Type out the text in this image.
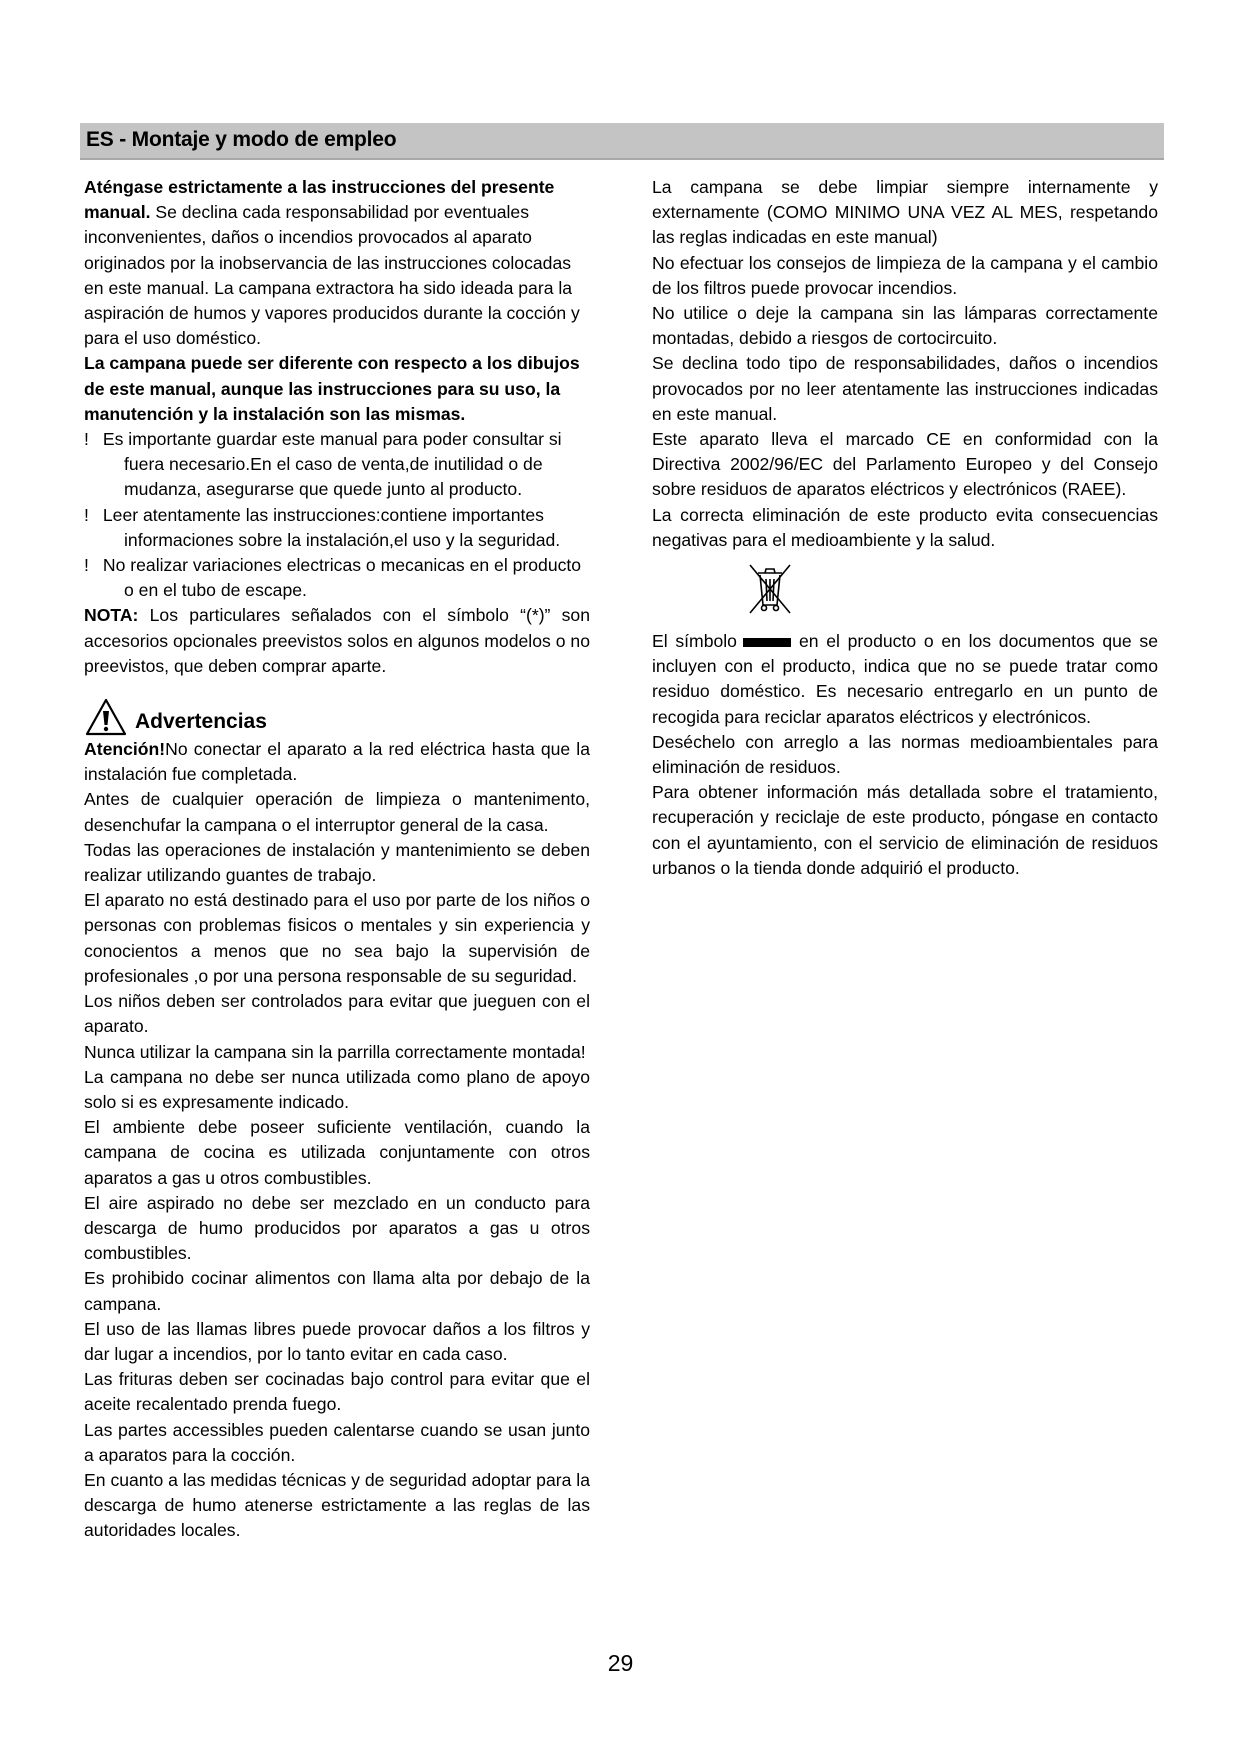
ES - Montaje y modo de empleo

Aténgase estrictamente a las instrucciones del presente manual. Se declina cada responsabilidad por eventuales inconvenientes, daños o incendios provocados al aparato originados por la inobservancia de las instrucciones colocadas en este manual. La campana extractora ha sido ideada para la aspiración de humos y vapores producidos durante la cocción y para el uso doméstico.

La campana puede ser diferente con respecto a los dibujos de este manual, aunque las instrucciones para su uso, la manutención y la instalación son las mismas.

! Es importante guardar este manual para poder consultar si fuera necesario.En el caso de venta,de inutilidad o de mudanza, asegurarse que quede junto al producto.

! Leer atentamente las instrucciones:contiene importantes informaciones sobre la instalación,el uso y la seguridad.

! No realizar variaciones electricas o mecanicas en el producto o en el tubo de escape.

NOTA: Los particulares señalados con el símbolo “(*)” son accesorios opcionales preevistos solos en algunos modelos o no preevistos, que deben comprar aparte.

Advertencias

Atención!No conectar el aparato a la red eléctrica hasta que la instalación fue completada.

Antes de cualquier operación de limpieza o mantenimento, desenchufar la campana o el interruptor general de la casa.

Todas las operaciones de instalación y mantenimiento se deben realizar utilizando guantes de trabajo.

El aparato no está destinado para el uso por parte de los niños o personas con problemas fisicos o mentales y sin experiencia y conocientos a menos que no sea bajo la supervisión de profesionales ,o por una persona responsable de su seguridad.

Los niños deben ser controlados para evitar que jueguen con el aparato.

Nunca utilizar la campana sin la parrilla correctamente montada!

La campana no debe ser nunca utilizada como plano de apoyo solo si es expresamente indicado.

El ambiente debe poseer suficiente ventilación, cuando la campana de cocina es utilizada conjuntamente con otros aparatos a gas u otros combustibles.

El aire aspirado no debe ser mezclado en un conducto para descarga de humo producidos por aparatos a gas u otros combustibles.

Es prohibido cocinar alimentos con llama alta por debajo de la campana.

El uso de las llamas libres puede provocar daños a los filtros y dar lugar a incendios, por lo tanto evitar en cada caso.

Las frituras deben ser cocinadas bajo control para evitar que el aceite recalentado prenda fuego.

Las partes accessibles pueden calentarse cuando se usan junto a aparatos para la cocción.

En cuanto a las medidas técnicas y de seguridad adoptar para la descarga de humo atenerse estrictamente a las reglas de las autoridades locales.

La campana se debe limpiar siempre internamente y externamente (COMO MINIMO UNA VEZ AL MES, respetando las reglas indicadas en este manual)

No efectuar los consejos de limpieza de la campana y el cambio de los filtros puede provocar incendios.

No utilice o deje la campana sin las lámparas correctamente montadas, debido a riesgos de cortocircuito.

Se declina todo tipo de responsabilidades, daños o incendios provocados por no leer atentamente las instrucciones indicadas en este manual.

Este aparato lleva el marcado CE en conformidad con la Directiva 2002/96/EC del Parlamento Europeo y del Consejo sobre residuos de aparatos eléctricos y electrónicos (RAEE).

La correcta eliminación de este producto evita consecuencias negativas para el medioambiente y la salud.

El símbolo	en el producto o en los documentos que se incluyen con el producto, indica que no se puede tratar como residuo doméstico. Es necesario entregarlo en un punto de recogida para reciclar aparatos eléctricos y electrónicos.

Deséchelo con arreglo a las normas medioambientales para eliminación de residuos.

Para obtener información más detallada sobre el tratamiento, recuperación y reciclaje de este producto, póngase en contacto con el ayuntamiento, con el servicio de eliminación de residuos urbanos o la tienda donde adquirió el producto.

29
